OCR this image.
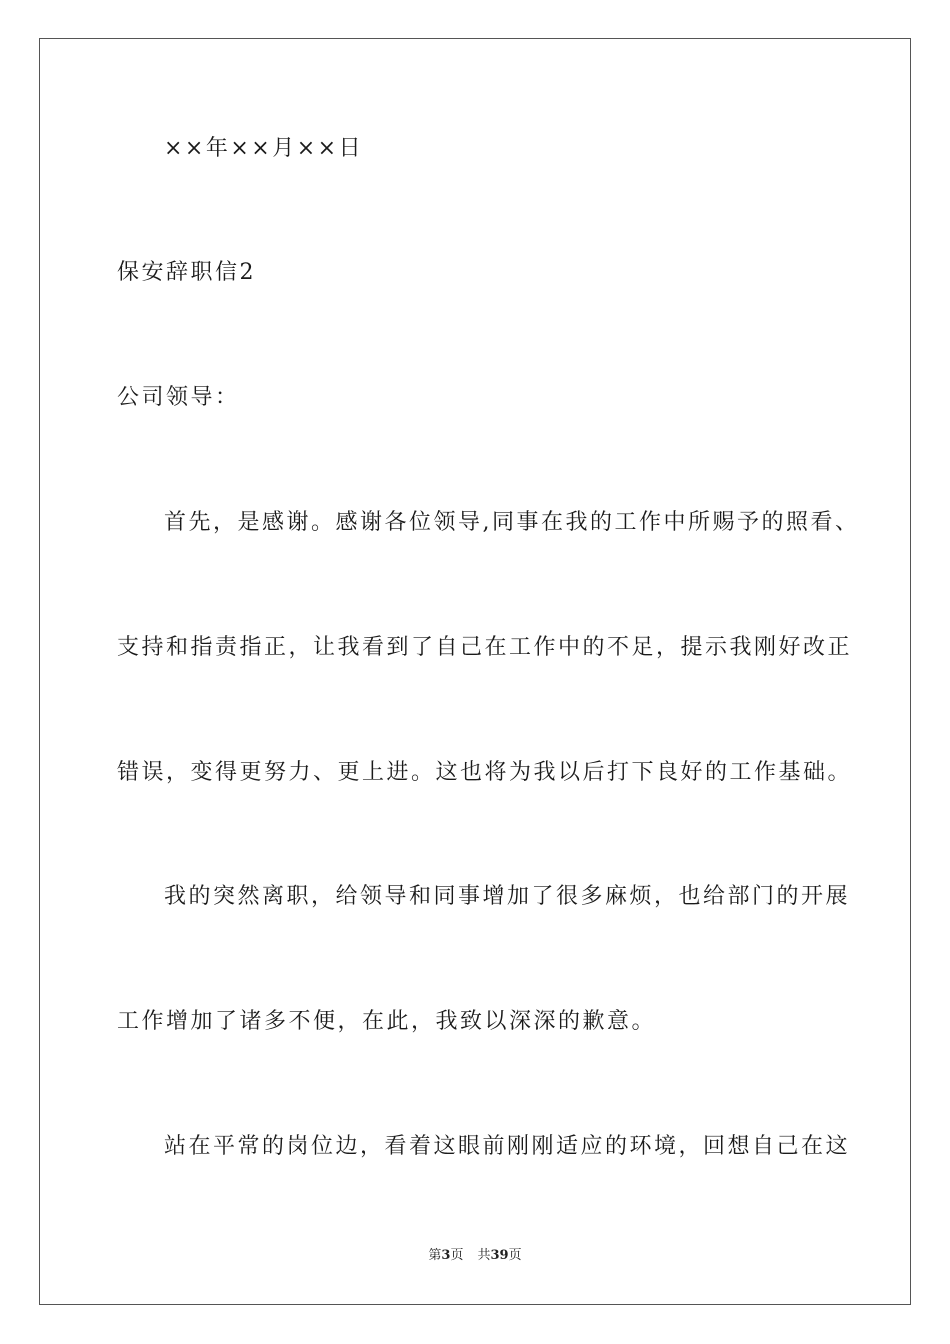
××年××月××日
保安辞职信2
公司领导：
首先，是感谢。感谢各位领导,同事在我的工作中所赐予的照看、
支持和指责指正，让我看到了自己在工作中的不足，提示我刚好改正
错误，变得更努力、更上进。这也将为我以后打下良好的工作基础。
我的突然离职，给领导和同事增加了很多麻烦，也给部门的开展
工作增加了诸多不便，在此，我致以深深的歉意。
站在平常的岗位边，看着这眼前刚刚适应的环境，回想自己在这
第3页 共39页
